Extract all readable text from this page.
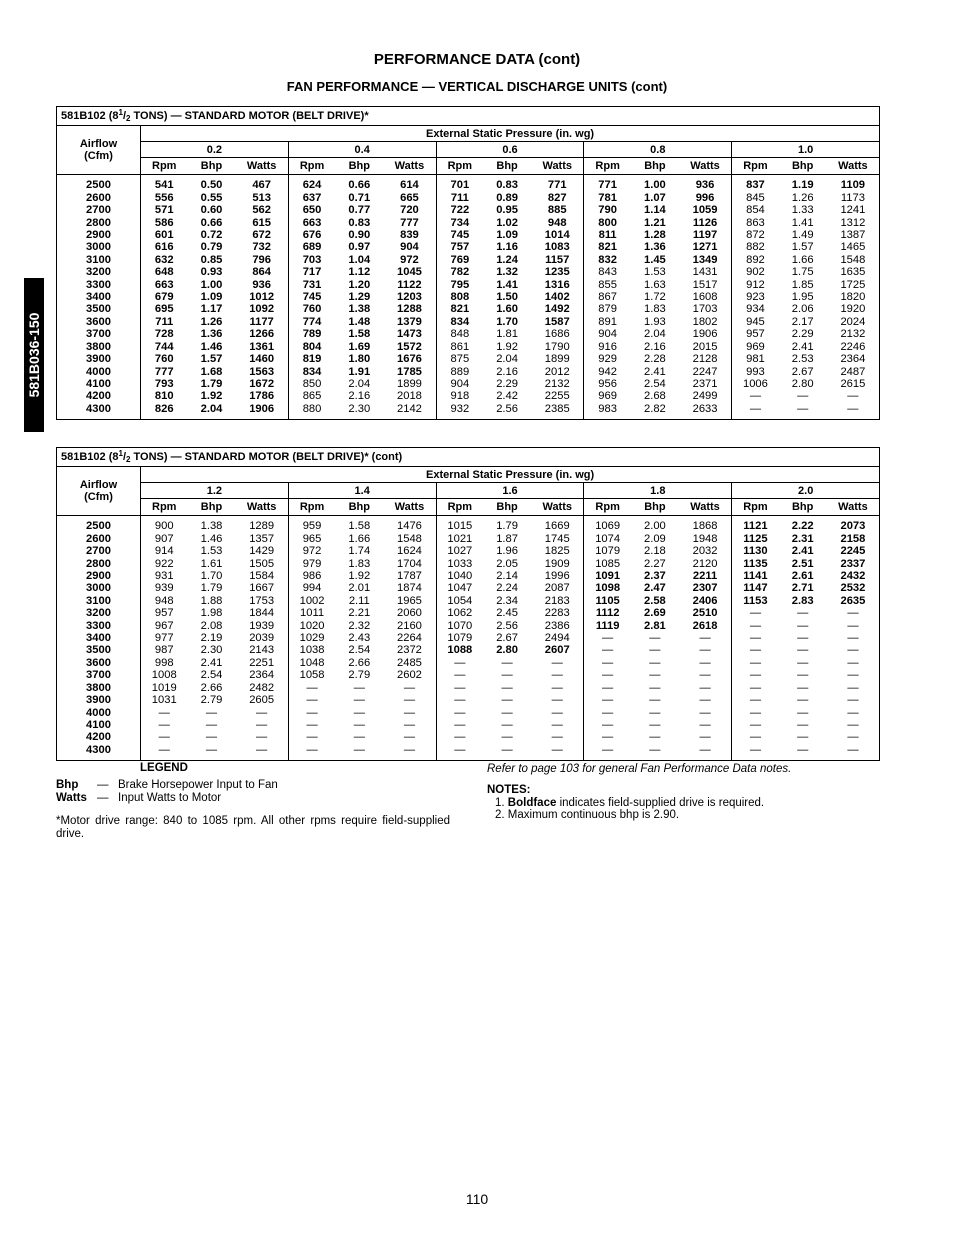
PERFORMANCE DATA (cont)
FAN PERFORMANCE — VERTICAL DISCHARGE UNITS (cont)
581B036-150
581B102 ($8^1/_2$ TONS) — STANDARD MOTOR (BELT DRIVE)*															

Airflow
(Cfm)	External Static Pressure (in. wg)														
	0.2			0.4			0.6			0.8			1.0		
	Rpm	Bhp	Watts	Rpm	Bhp	Watts	Rpm	Bhp	Watts	Rpm	Bhp	Watts	Rpm	Bhp	Watts
2500	541	0.50	467	624	0.66	614	701	0.83	771	771	1.00	936	837	1.19	1109
2600	556	0.55	513	637	0.71	665	711	0.89	827	781	1.07	996	845	1.26	1173
2700	571	0.60	562	650	0.77	720	722	0.95	885	790	1.14	1059	854	1.33	1241
2800	586	0.66	615	663	0.83	777	734	1.02	948	800	1.21	1126	863	1.41	1312
2900	601	0.72	672	676	0.90	839	745	1.09	1014	811	1.28	1197	872	1.49	1387
3000	616	0.79	732	689	0.97	904	757	1.16	1083	821	1.36	1271	882	1.57	1465
3100	632	0.85	796	703	1.04	972	769	1.24	1157	832	1.45	1349	892	1.66	1548
3200	648	0.93	864	717	1.12	1045	782	1.32	1235	843	1.53	1431	902	1.75	1635
3300	663	1.00	936	731	1.20	1122	795	1.41	1316	855	1.63	1517	912	1.85	1725
3400	679	1.09	1012	745	1.29	1203	808	1.50	1402	867	1.72	1608	923	1.95	1820
3500	695	1.17	1092	760	1.38	1288	821	1.60	1492	879	1.83	1703	934	2.06	1920
3600	711	1.26	1177	774	1.48	1379	834	1.70	1587	891	1.93	1802	945	2.17	2024
3700	728	1.36	1266	789	1.58	1473	848	1.81	1686	904	2.04	1906	957	2.29	2132
3800	744	1.46	1361	804	1.69	1572	861	1.92	1790	916	2.16	2015	969	2.41	2246
3900	760	1.57	1460	819	1.80	1676	875	2.04	1899	929	2.28	2128	981	2.53	2364
4000	777	1.68	1563	834	1.91	1785	889	2.16	2012	942	2.41	2247	993	2.67	2487
4100	793	1.79	1672	850	2.04	1899	904	2.29	2132	956	2.54	2371	1006	2.80	2615
4200	810	1.92	1786	865	2.16	2018	918	2.42	2255	969	2.68	2499	—	—	—
4300	826	2.04	1906	880	2.30	2142	932	2.56	2385	983	2.82	2633	—	—	—
581B102 ($8^1/_2$ TONS) — STANDARD MOTOR (BELT DRIVE)* (cont)															

Airflow
(Cfm)	External Static Pressure (in. wg)														
	1.2			1.4			1.6			1.8			2.0		
	Rpm	Bhp	Watts	Rpm	Bhp	Watts	Rpm	Bhp	Watts	Rpm	Bhp	Watts	Rpm	Bhp	Watts
2500	900	1.38	1289	959	1.58	1476	1015	1.79	1669	1069	2.00	1868	1121	2.22	2073
2600	907	1.46	1357	965	1.66	1548	1021	1.87	1745	1074	2.09	1948	1125	2.31	2158
2700	914	1.53	1429	972	1.74	1624	1027	1.96	1825	1079	2.18	2032	1130	2.41	2245
2800	922	1.61	1505	979	1.83	1704	1033	2.05	1909	1085	2.27	2120	1135	2.51	2337
2900	931	1.70	1584	986	1.92	1787	1040	2.14	1996	1091	2.37	2211	1141	2.61	2432
3000	939	1.79	1667	994	2.01	1874	1047	2.24	2087	1098	2.47	2307	1147	2.71	2532
3100	948	1.88	1753	1002	2.11	1965	1054	2.34	2183	1105	2.58	2406	1153	2.83	2635
3200	957	1.98	1844	1011	2.21	2060	1062	2.45	2283	1112	2.69	2510	—	—	—
3300	967	2.08	1939	1020	2.32	2160	1070	2.56	2386	1119	2.81	2618	—	—	—
3400	977	2.19	2039	1029	2.43	2264	1079	2.67	2494	—	—	—	—	—	—
3500	987	2.30	2143	1038	2.54	2372	1088	2.80	2607	—	—	—	—	—	—
3600	998	2.41	2251	1048	2.66	2485	—	—	—	—	—	—	—	—	—
3700	1008	2.54	2364	1058	2.79	2602	—	—	—	—	—	—	—	—	—
3800	1019	2.66	2482	—	—	—	—	—	—	—	—	—	—	—	—
3900	1031	2.79	2605	—	—	—	—	—	—	—	—	—	—	—	—
4000	—	—	—	—	—	—	—	—	—	—	—	—	—	—	—
4100	—	—	—	—	—	—	—	—	—	—	—	—	—	—	—
4200	—	—	—	—	—	—	—	—	—	—	—	—	—	—	—
4300	—	—	—	—	—	—	—	—	—	—	—	—	—	—	—
LEGEND
Bhp — Brake Horsepower Input to Fan
Watts — Input Watts to Motor
*Motor drive range: 840 to 1085 rpm. All other rpms require field-supplied drive.
Refer to page 103 for general Fan Performance Data notes.
NOTES:
1. Boldface indicates field-supplied drive is required.
2. Maximum continuous bhp is 2.90.
110
